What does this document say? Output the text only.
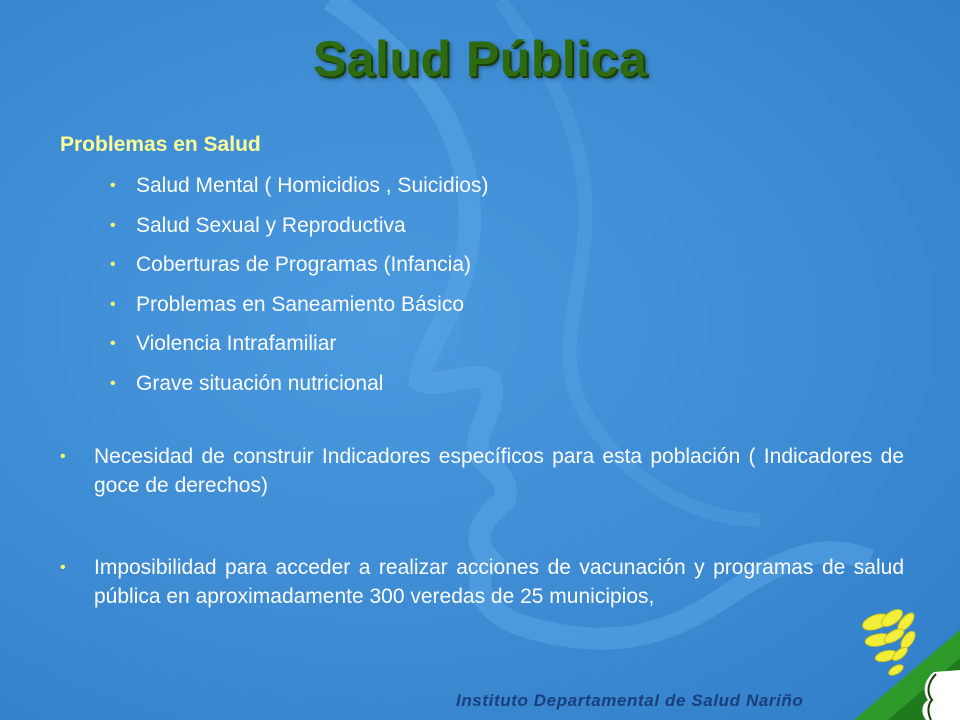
Salud Pública
Problemas en Salud
• Salud Mental ( Homicidios , Suicidios)
• Salud Sexual y Reproductiva
• Coberturas de Programas (Infancia)
• Problemas en Saneamiento Básico
• Violencia Intrafamiliar
• Grave situación nutricional
• Necesidad de construir Indicadores específicos para esta población ( Indicadores de goce de derechos)
• Imposibilidad para acceder a realizar acciones de vacunación y programas de salud pública en aproximadamente 300 veredas de 25 municipios,
Instituto Departamental de Salud Nariño
